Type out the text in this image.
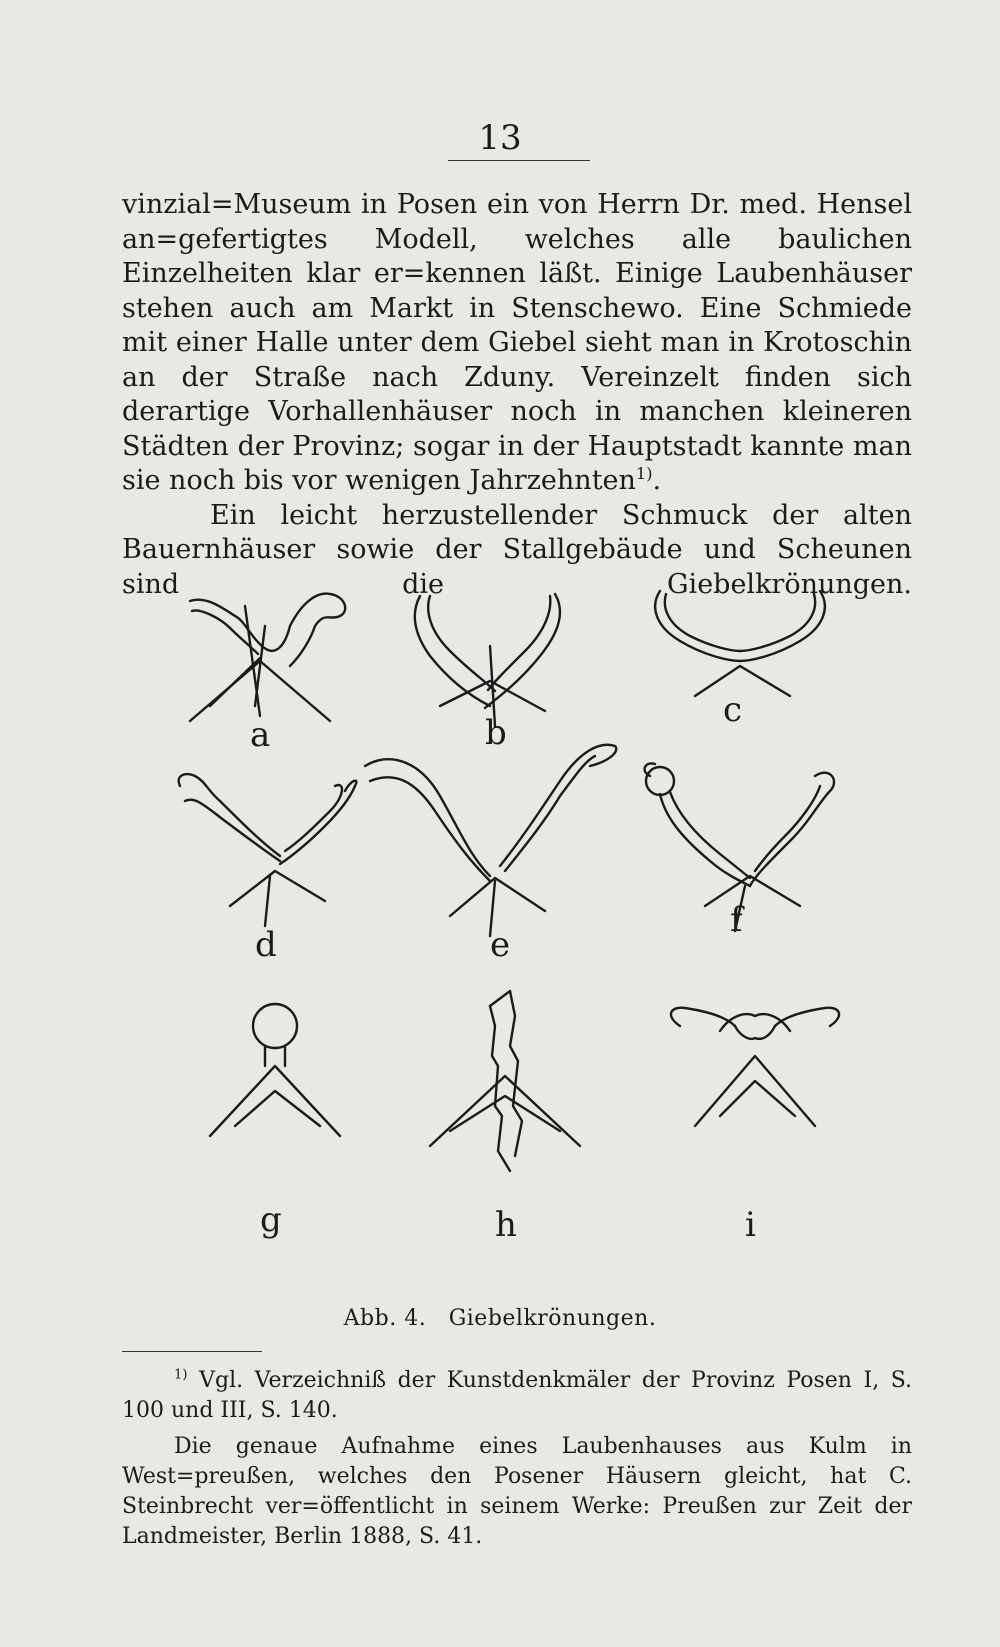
13

vinzial=Museum in Posen ein von Herrn Dr. med. Hensel an=gefertigtes Modell, welches alle baulichen Einzelheiten klar er=kennen läßt. Einige Laubenhäuser stehen auch am Markt in Stenschewo. Eine Schmiede mit einer Halle unter dem Giebel sieht man in Krotoschin an der Straße nach Zduny. Vereinzelt finden sich derartige Vorhallenhäuser noch in manchen kleineren Städten der Provinz; sogar in der Hauptstadt kannte man sie noch bis vor wenigen Jahrzehnten$^{1)}$.

Ein leicht herzustellender Schmuck der alten Bauernhäuser sowie der Stallgebäude und Scheunen sind die Giebelkrönungen.

a	b
c
d	e
f
g	h	i
Abb. 4. Giebelkrönungen.

$^{1)}$ Vgl. Verzeichniß der Kunstdenkmäler der Provinz Posen I, S. 100 und III, S. 140.

Die genaue Aufnahme eines Laubenhauses aus Kulm in West=preußen, welches den Posener Häusern gleicht, hat C. Steinbrecht ver=öffentlicht in seinem Werke: Preußen zur Zeit der Landmeister, Berlin 1888, S. 41.
